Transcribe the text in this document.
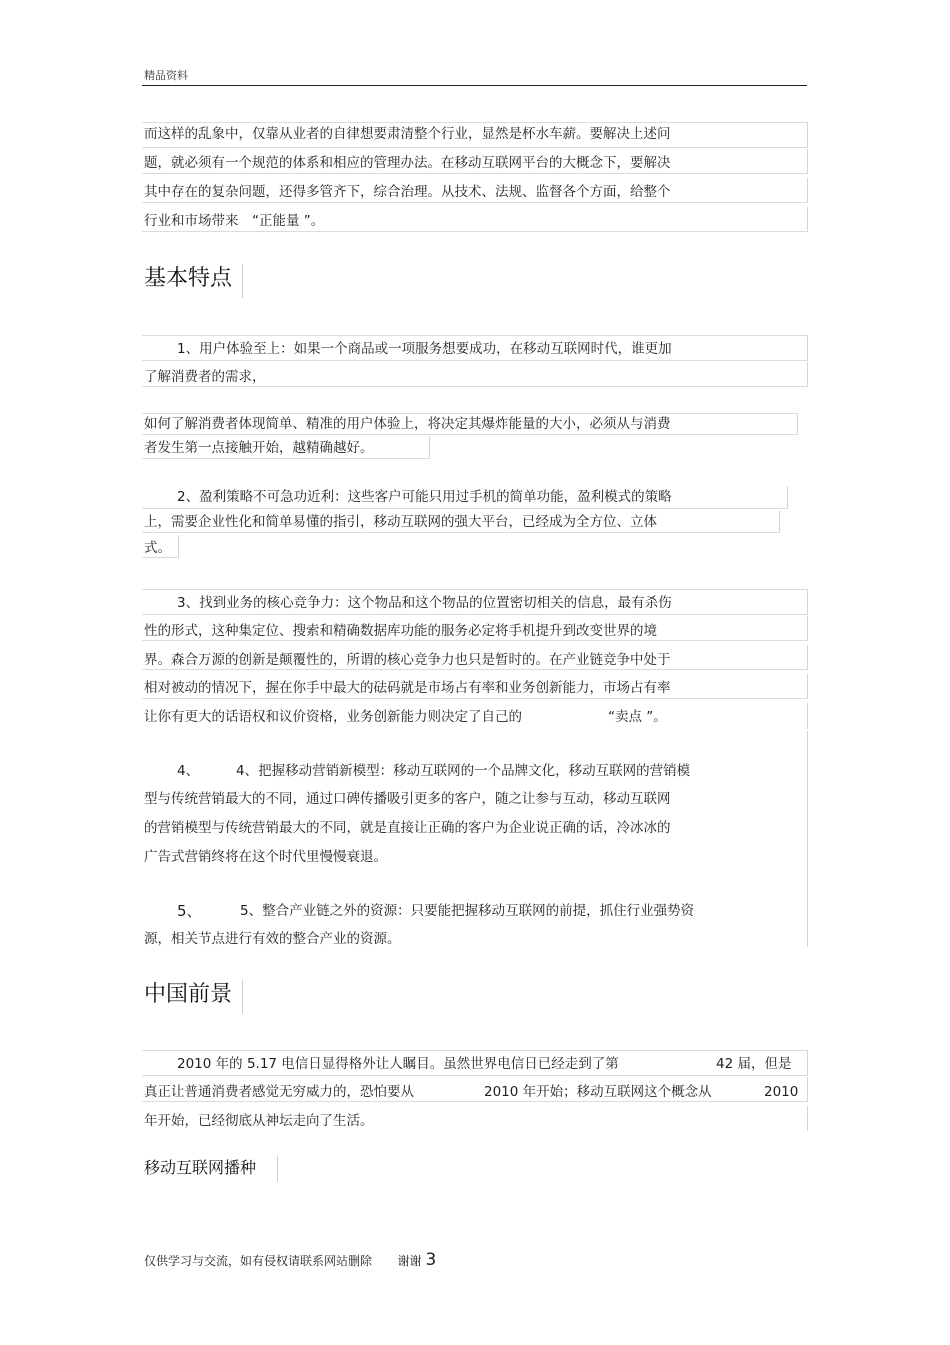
精品资料
而这样的乱象中，仅靠从业者的自律想要肃清整个行业，显然是杯水车薪。要解决上述问
题，就必须有一个规范的体系和相应的管理办法。在移动互联网平台的大概念下，要解决
其中存在的复杂问题，还得多管齐下，综合治理。从技术、法规、监督各个方面，给整个
行业和市场带来　“正能量 ”。
基本特点
1、用户体验至上：如果一个商品或一项服务想要成功，在移动互联网时代，谁更加
了解消费者的需求，
如何了解消费者体现简单、精准的用户体验上，将决定其爆炸能量的大小，必须从与消费
者发生第一点接触开始，越精确越好。
2、盈利策略不可急功近利：这些客户可能只用过手机的简单功能，盈利模式的策略
上，需要企业性化和简单易懂的指引，移动互联网的强大平台，已经成为全方位、立体
式。
3、找到业务的核心竞争力：这个物品和这个物品的位置密切相关的信息，最有杀伤
性的形式，这种集定位、搜索和精确数据库功能的服务必定将手机提升到改变世界的境
界。森合万源的创新是颠覆性的，所谓的核心竞争力也只是暂时的。在产业链竞争中处于
相对被动的情况下，握在你手中最大的砝码就是市场占有率和业务创新能力，市场占有率
让你有更大的话语权和议价资格，业务创新能力则决定了自己的	“卖点 ”。
4、	4、把握移动营销新模型：移动互联网的一个品牌文化，移动互联网的营销模
型与传统营销最大的不同，通过口碑传播吸引更多的客户，随之让参与互动，移动互联网
的营销模型与传统营销最大的不同，就是直接让正确的客户为企业说正确的话，冷冰冰的
广告式营销终将在这个时代里慢慢衰退。
5、	5、整合产业链之外的资源：只要能把握移动互联网的前提，抓住行业强势资
源，相关节点进行有效的整合产业的资源。
中国前景
2010 年的 5.17 电信日显得格外让人瞩目。虽然世界电信日已经走到了第	42 届，但是
真正让普通消费者感觉无穷威力的，恐怕要从	2010 年开始；移动互联网这个概念从	2010
年开始，已经彻底从神坛走向了生活。
移动互联网播种
仅供学习与交流，如有侵权请联系网站删除 谢谢 3
